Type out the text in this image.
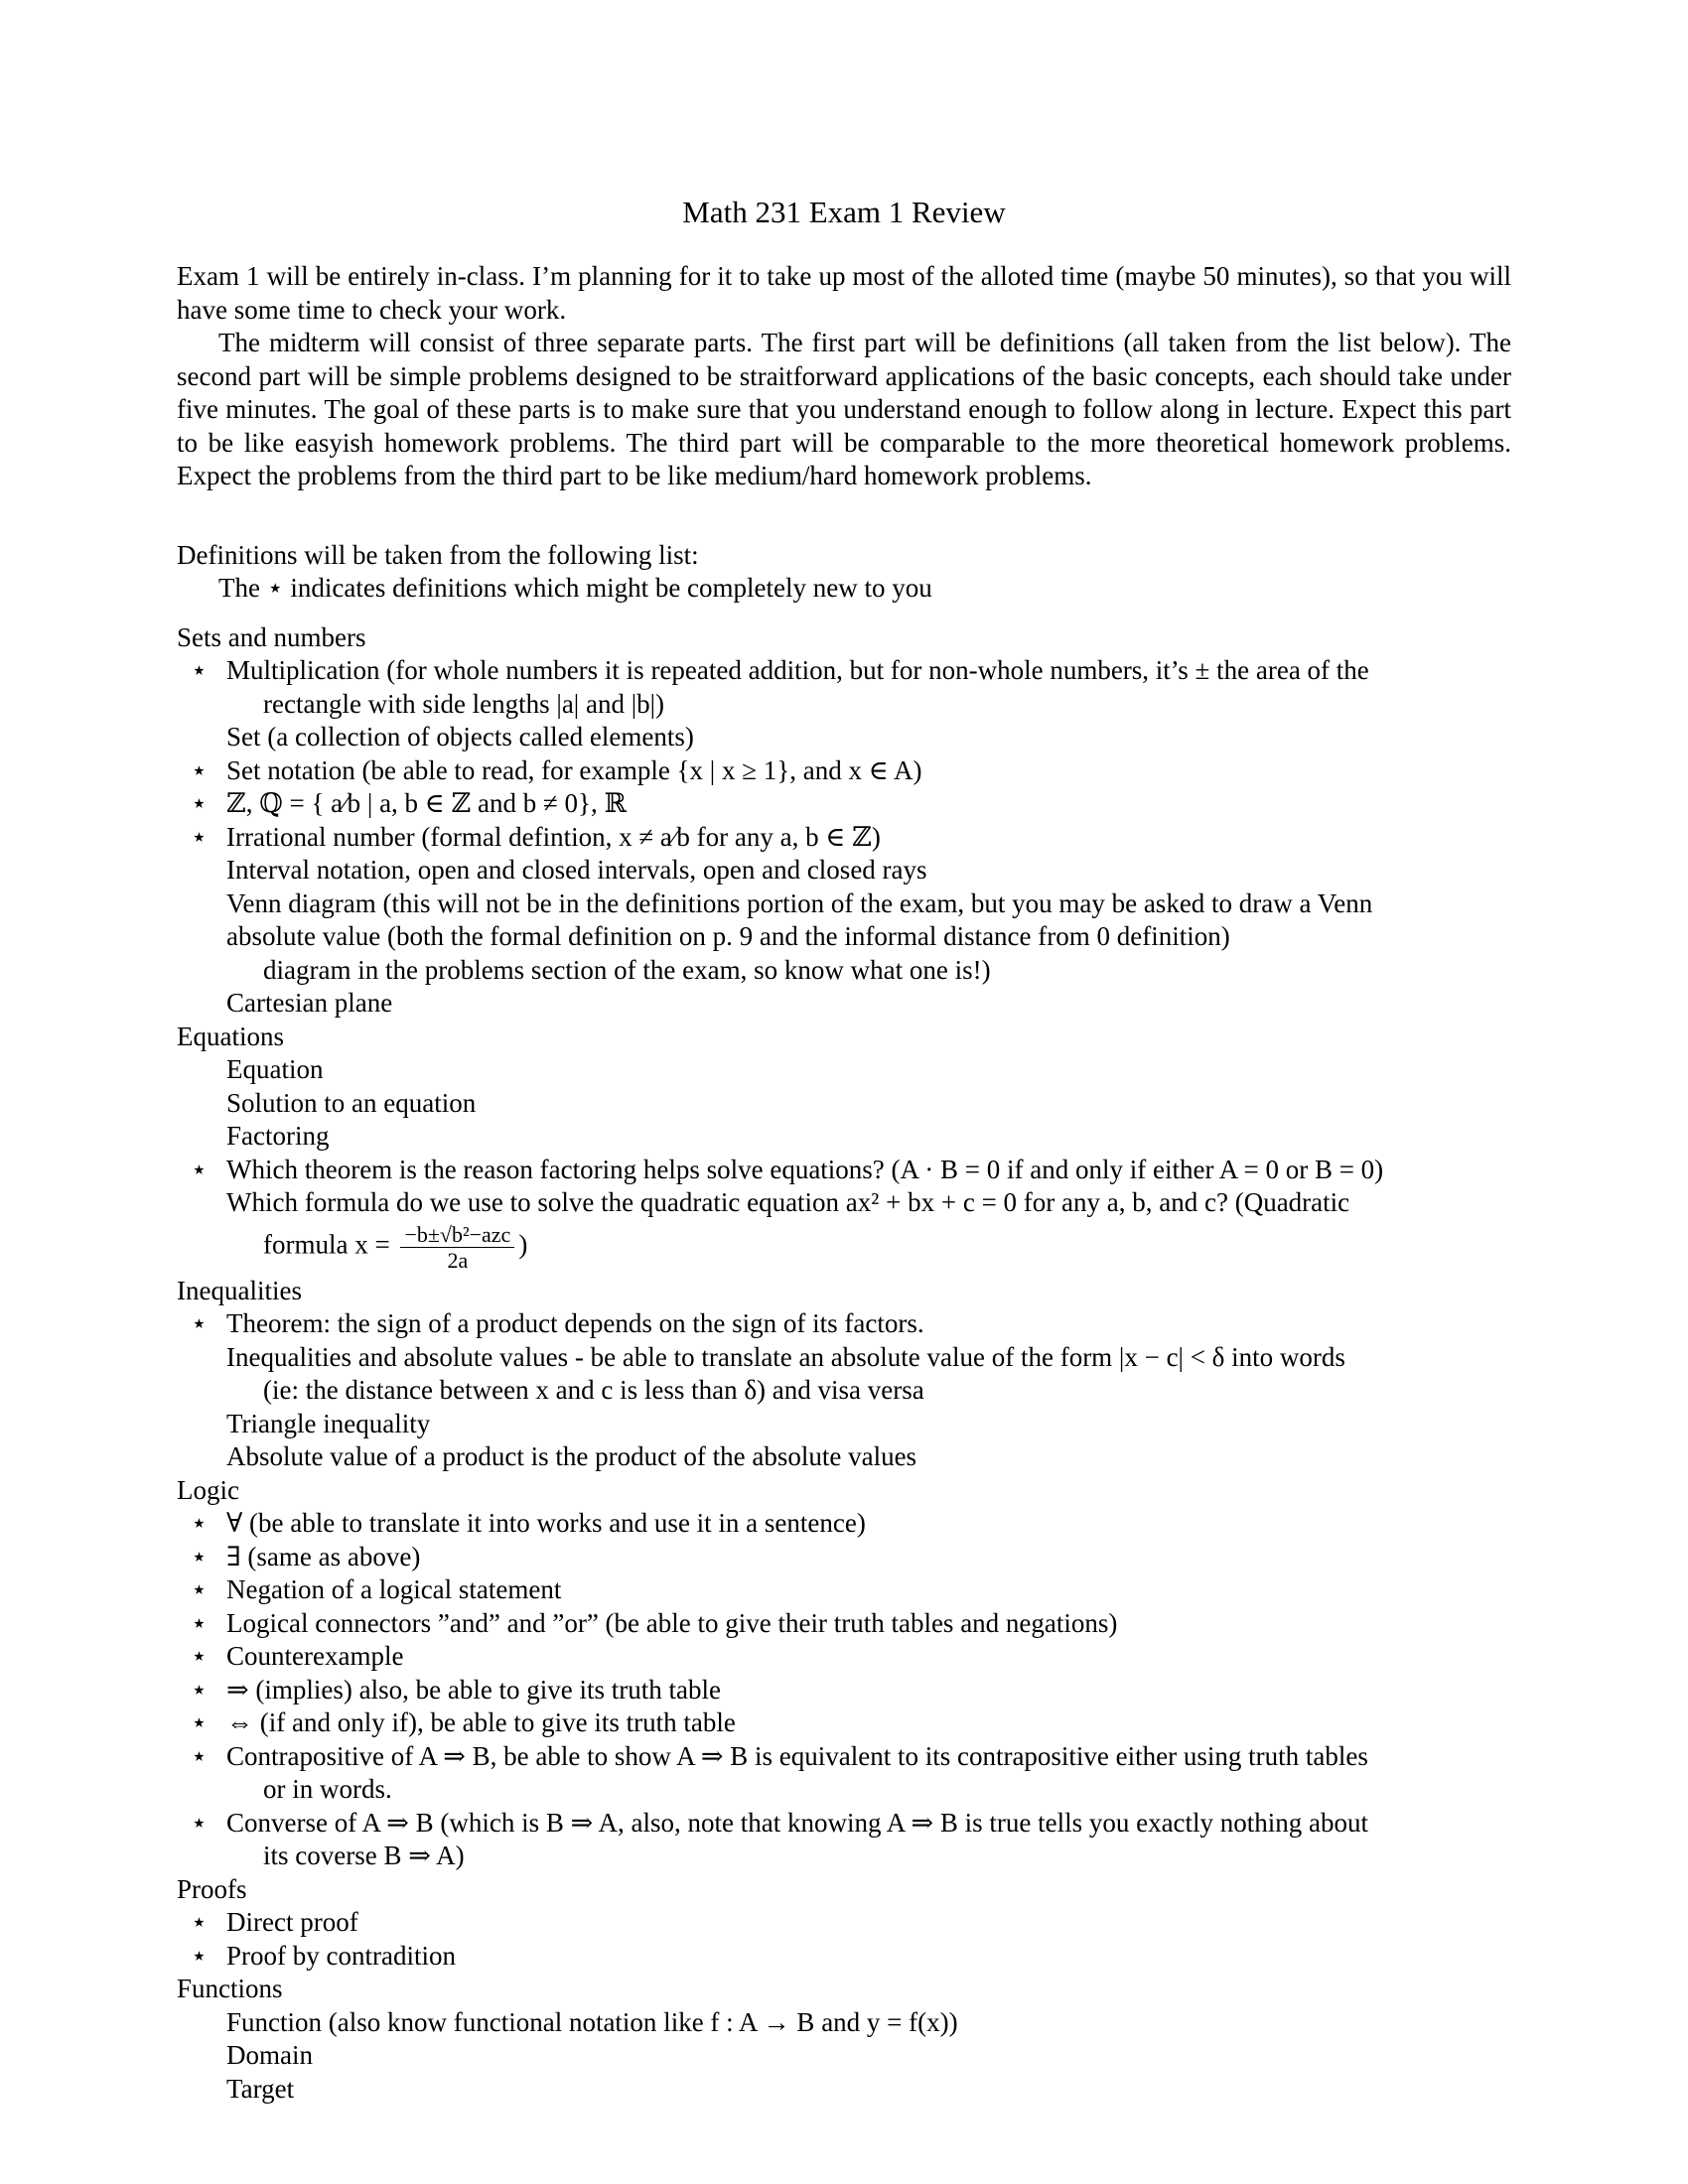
Math 231 Exam 1 Review

Exam 1 will be entirely in-class. I’m planning for it to take up most of the alloted time (maybe 50 minutes), so that you will have some time to check your work.

The midterm will consist of three separate parts. The first part will be definitions (all taken from the list below). The second part will be simple problems designed to be straitforward applications of the basic concepts, each should take under five minutes. The goal of these parts is to make sure that you understand enough to follow along in lecture. Expect this part to be like easyish homework problems. The third part will be comparable to the more theoretical homework problems. Expect the problems from the third part to be like medium/hard homework problems.

Definitions will be taken from the following list:
The ⋆ indicates definitions which might be completely new to you
Sets and numbers
⋆ Multiplication (for whole numbers it is repeated addition, but for non-whole numbers, it’s ± the area of the
rectangle with side lengths |a| and |b|)
Set (a collection of objects called elements)
⋆ Set notation (be able to read, for example {x | x ≥ 1}, and x ∈ A)
⋆ ℤ, ℚ = { a⁄b | a, b ∈ ℤ and b ≠ 0}, ℝ
⋆ Irrational number (formal defintion, x ≠ a⁄b for any a, b ∈ ℤ)
Interval notation, open and closed intervals, open and closed rays
Venn diagram (this will not be in the definitions portion of the exam, but you may be asked to draw a Venn
absolute value (both the formal definition on p. 9 and the informal distance from 0 definition)
diagram in the problems section of the exam, so know what one is!)
Cartesian plane
Equations
Equation
Solution to an equation
Factoring
⋆ Which theorem is the reason factoring helps solve equations? (A · B = 0 if and only if either A = 0 or B = 0)
Which formula do we use to solve the quadratic equation ax² + bx + c = 0 for any a, b, and c? (Quadratic
formula $x = \frac{\text{−b±√b²−azc}}{2a}$ )
Inequalities
⋆ Theorem: the sign of a product depends on the sign of its factors.
Inequalities and absolute values - be able to translate an absolute value of the form |x − c| < δ into words
(ie: the distance between x and c is less than δ) and visa versa
Triangle inequality
Absolute value of a product is the product of the absolute values
Logic
⋆ ∀ (be able to translate it into works and use it in a sentence)
⋆ ∃ (same as above)
⋆ Negation of a logical statement
⋆ Logical connectors ”and” and ”or” (be able to give their truth tables and negations)
⋆ Counterexample
⋆ ⇒ (implies) also, be able to give its truth table
⋆ ⇔ (if and only if), be able to give its truth table
⋆ Contrapositive of A ⇒ B, be able to show A ⇒ B is equivalent to its contrapositive either using truth tables
or in words.
⋆ Converse of A ⇒ B (which is B ⇒ A, also, note that knowing A ⇒ B is true tells you exactly nothing about
its coverse B ⇒ A)
Proofs
⋆ Direct proof
⋆ Proof by contradition
Functions
Function (also know functional notation like f : A → B and y = f(x))
Domain
Target
